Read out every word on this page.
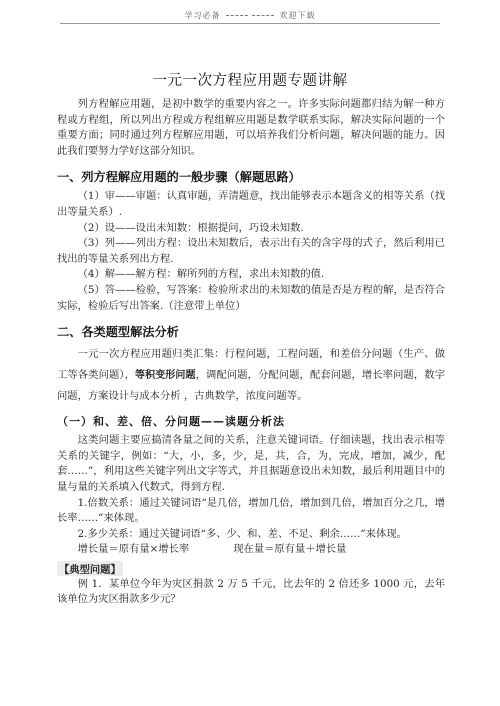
学习必备	欢迎下载
一元一次方程应用题专题讲解

列方程解应用题，是初中数学的重要内容之一。许多实际问题都归结为解一种方程或方程组，所以列出方程或方程组解应用题是数学联系实际，解决实际问题的一个重要方面；同时通过列方程解应用题，可以培养我们分析问题，解决问题的能力。因此我们要努力学好这部分知识。

一、列方程解应用题的一般步骤（解题思路）

（1）审——审题：认真审题，弄清题意，找出能够表示本题含义的相等关系（找出等量关系）.

（2）设——设出未知数：根据提问，巧设未知数.

（3）列——列出方程：设出未知数后，表示出有关的含字母的式子，然后利用已找出的等量关系列出方程.

（4）解——解方程：解所列的方程，求出未知数的值.

（5）答——检验，写答案：检验所求出的未知数的值是否是方程的解，是否符合实际，检验后写出答案.（注意带上单位）

二、各类题型解法分析

一元一次方程应用题归类汇集：行程问题，工程问题，和差倍分问题（生产、做工等各类问题），等积变形问题，调配问题，分配问题，配套问题，增长率问题，数字问题，方案设计与成本分析 ，古典数学，浓度问题等。

（一）和、差、倍、分问题——读题分析法

这类问题主要应搞清各量之间的关系，注意关键词语。仔细读题，找出表示相等关系的关键字，例如：“大，小，多，少，是，共，合，为，完成，增加，减少，配套……”，利用这些关键字列出文字等式，并且据题意设出未知数，最后利用题目中的量与量的关系填入代数式，得到方程.

1.倍数关系：通过关键词语“是几倍，增加几倍，增加到几倍，增加百分之几，增长率……”来体现。

2.多少关系：通过关键词语“多、少、和、差、不足、剩余……”来体现。

增长量＝原有量×增长率	现在量＝原有量＋增长量

【典型问题】

例 1．某单位今年为灾区捐款 2 万 5 千元，比去年的 2 倍还多 1000 元，去年该单位为灾区捐款多少元？
